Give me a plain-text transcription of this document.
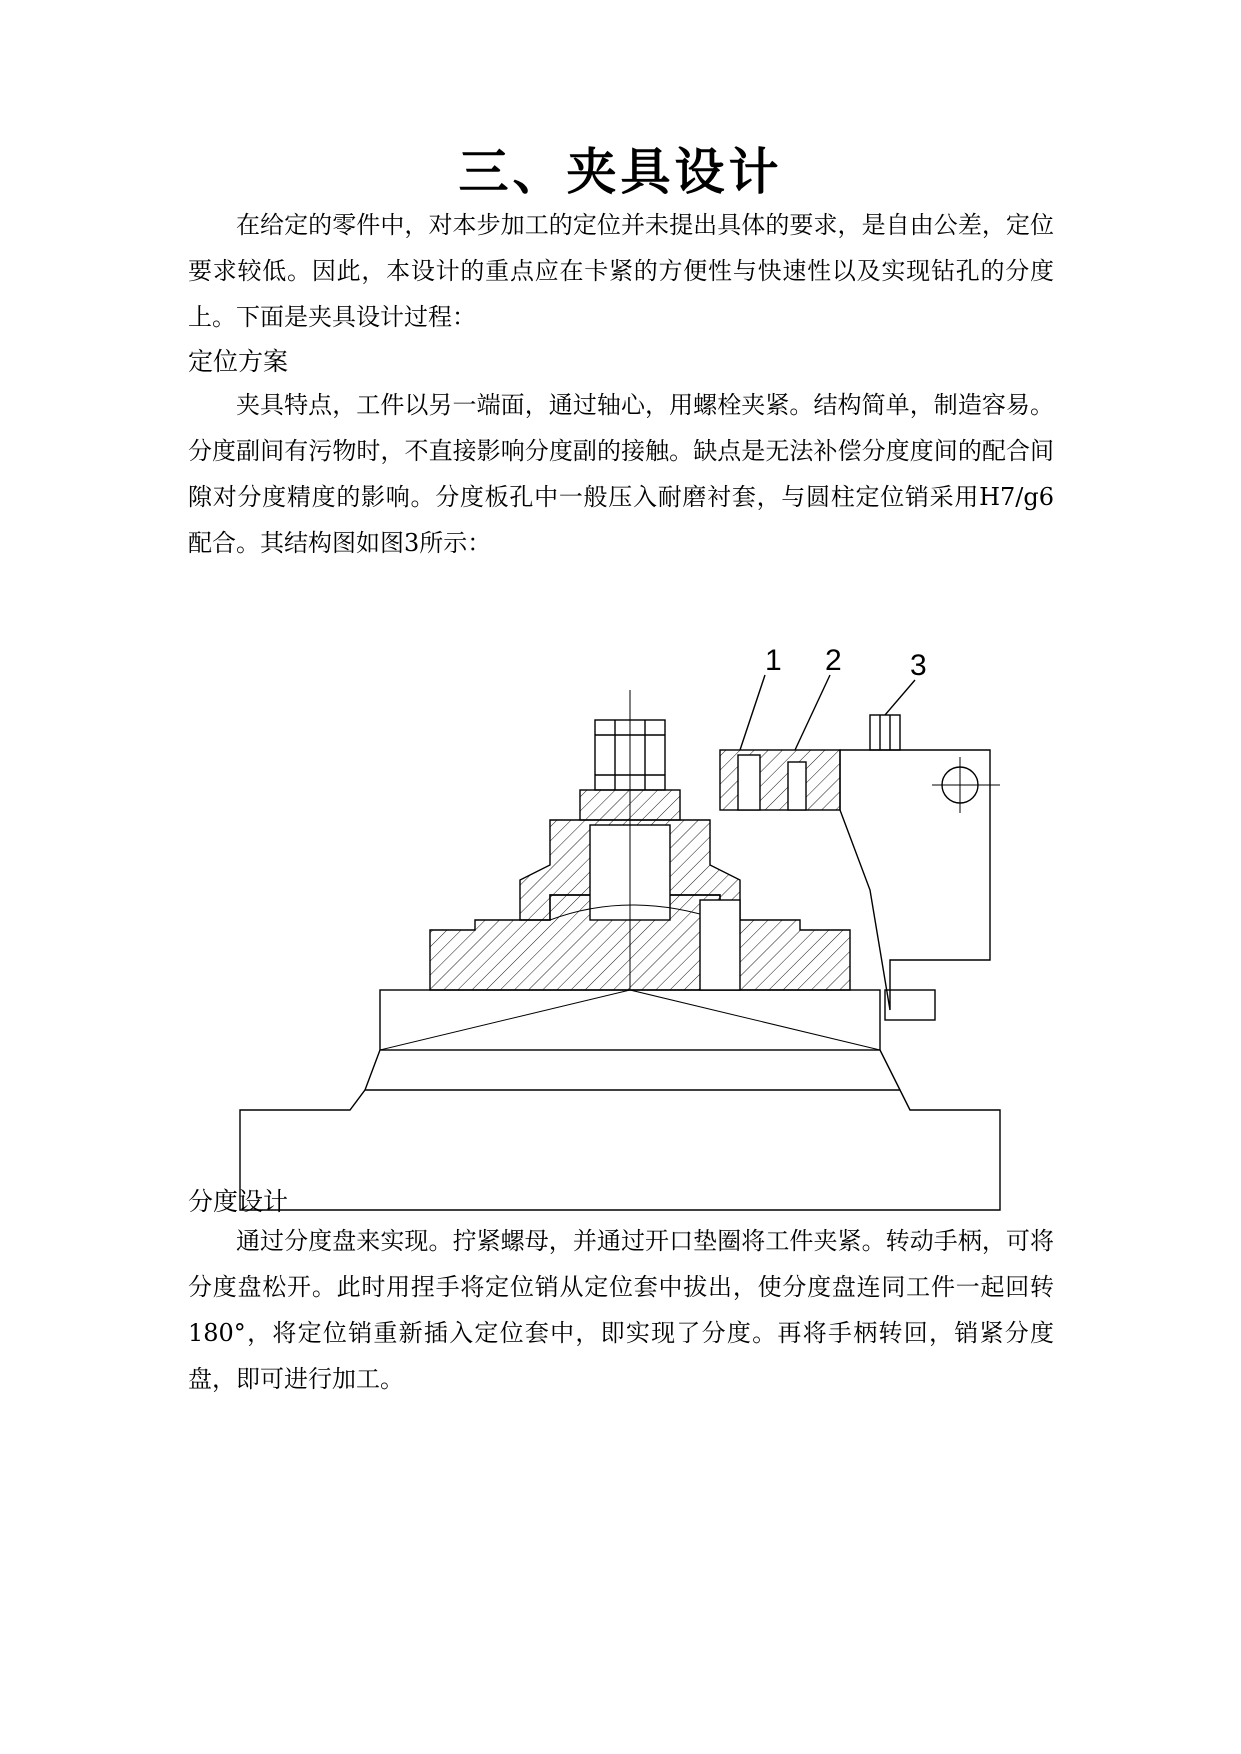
三、夹具设计

在给定的零件中，对本步加工的定位并未提出具体的要求，是自由公差，定位要求较低。因此，本设计的重点应在卡紧的方便性与快速性以及实现钻孔的分度上。下面是夹具设计过程：

定位方案

夹具特点，工件以另一端面，通过轴心，用螺栓夹紧。结构简单，制造容易。分度副间有污物时，不直接影响分度副的接触。缺点是无法补偿分度度间的配合间隙对分度精度的影响。分度板孔中一般压入耐磨衬套，与圆柱定位销采用H7/g6配合。其结构图如图3所示：

1 2 3
分度设计

通过分度盘来实现。拧紧螺母，并通过开口垫圈将工件夹紧。转动手柄，可将分度盘松开。此时用捏手将定位销从定位套中拔出，使分度盘连同工件一起回转180°，将定位销重新插入定位套中，即实现了分度。再将手柄转回，销紧分度盘，即可进行加工。
